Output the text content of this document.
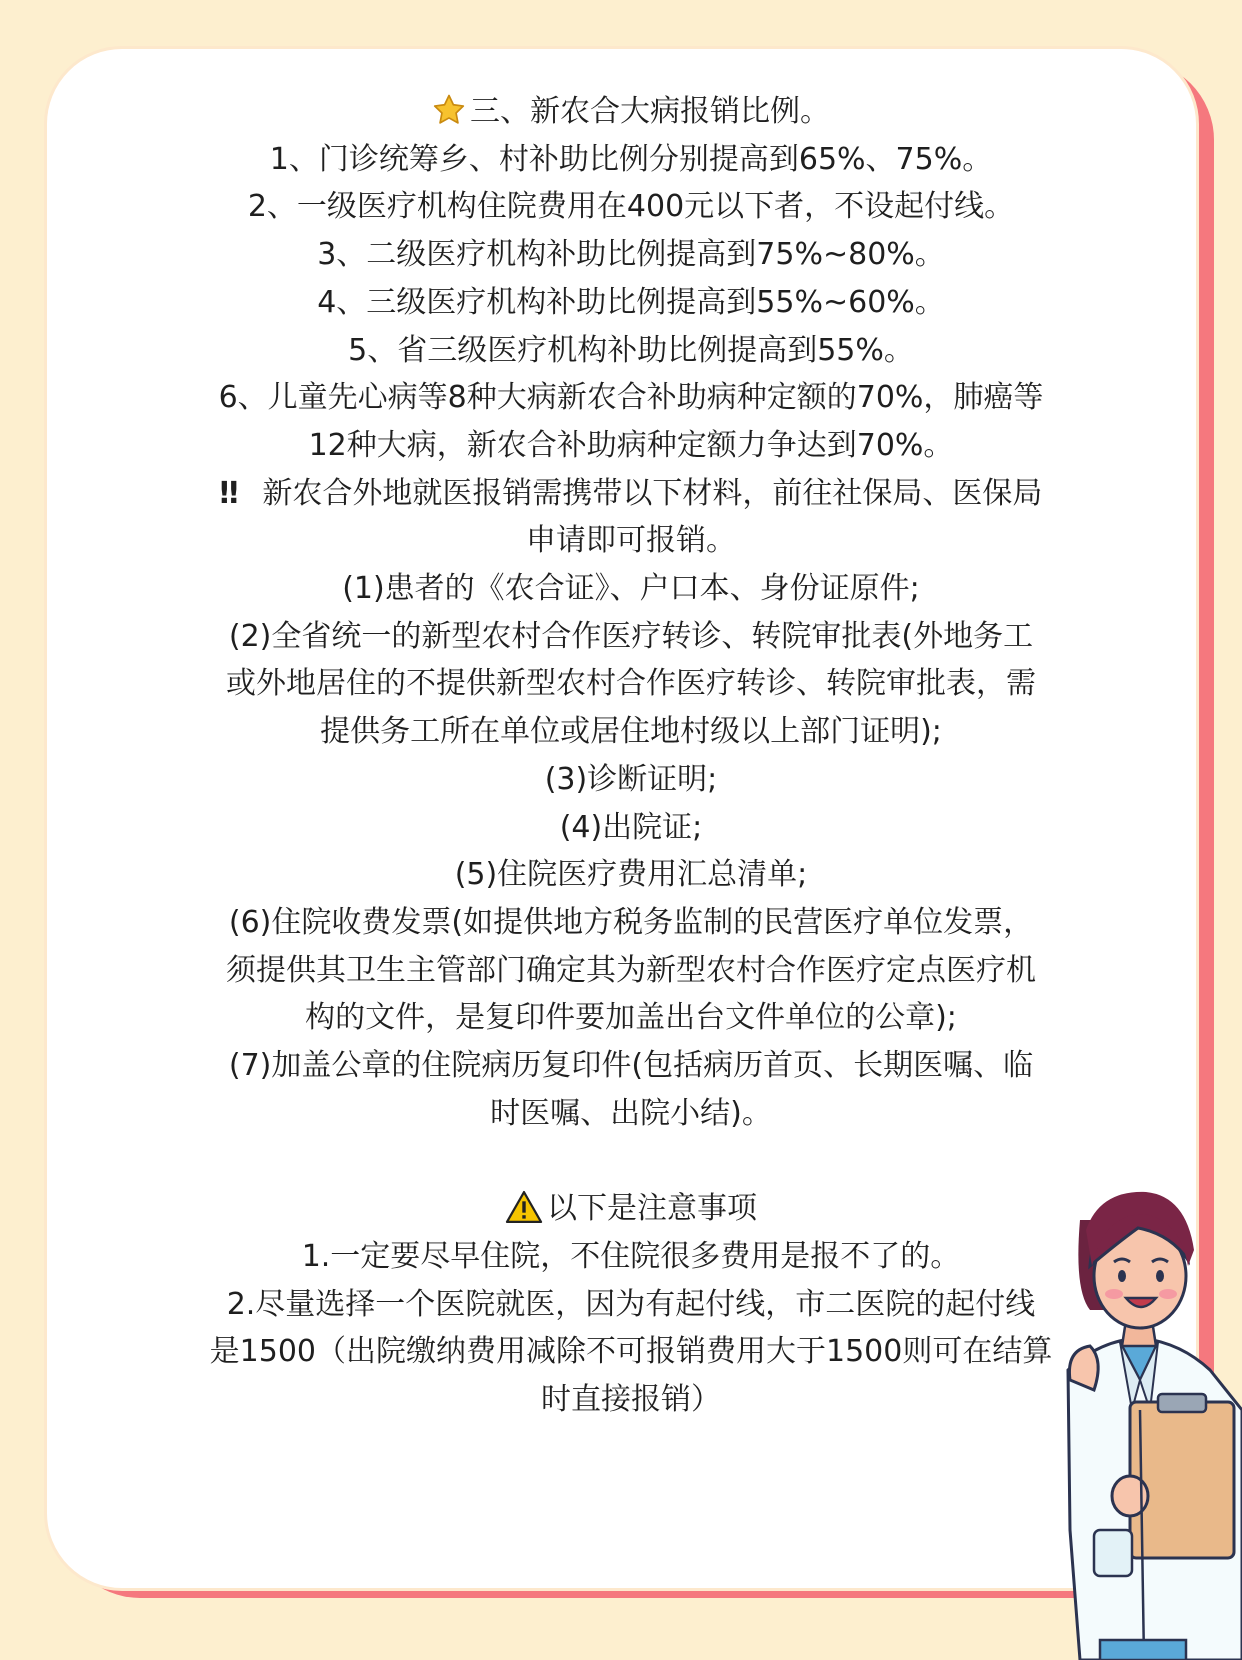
三、新农合大病报销比例。
1、门诊统筹乡、村补助比例分别提高到65%、75%。
2、一级医疗机构住院费用在400元以下者，不设起付线。
3、二级医疗机构补助比例提高到75%~80%。
4、三级医疗机构补助比例提高到55%~60%。
5、省三级医疗机构补助比例提高到55%。
6、儿童先心病等8种大病新农合补助病种定额的70%，肺癌等
12种大病，新农合补助病种定额力争达到70%。
‼ 新农合外地就医报销需携带以下材料，前往社保局、医保局
申请即可报销。
(1)患者的《农合证》、户口本、身份证原件;
(2)全省统一的新型农村合作医疗转诊、转院审批表(外地务工
或外地居住的不提供新型农村合作医疗转诊、转院审批表，需
提供务工所在单位或居住地村级以上部门证明);
(3)诊断证明;
(4)出院证;
(5)住院医疗费用汇总清单;
(6)住院收费发票(如提供地方税务监制的民营医疗单位发票，
须提供其卫生主管部门确定其为新型农村合作医疗定点医疗机
构的文件，是复印件要加盖出台文件单位的公章);
(7)加盖公章的住院病历复印件(包括病历首页、长期医嘱、临
时医嘱、出院小结)。
以下是注意事项
1.一定要尽早住院，不住院很多费用是报不了的。
2.尽量选择一个医院就医，因为有起付线，市二医院的起付线
是1500（出院缴纳费用减除不可报销费用大于1500则可在结算
时直接报销）
